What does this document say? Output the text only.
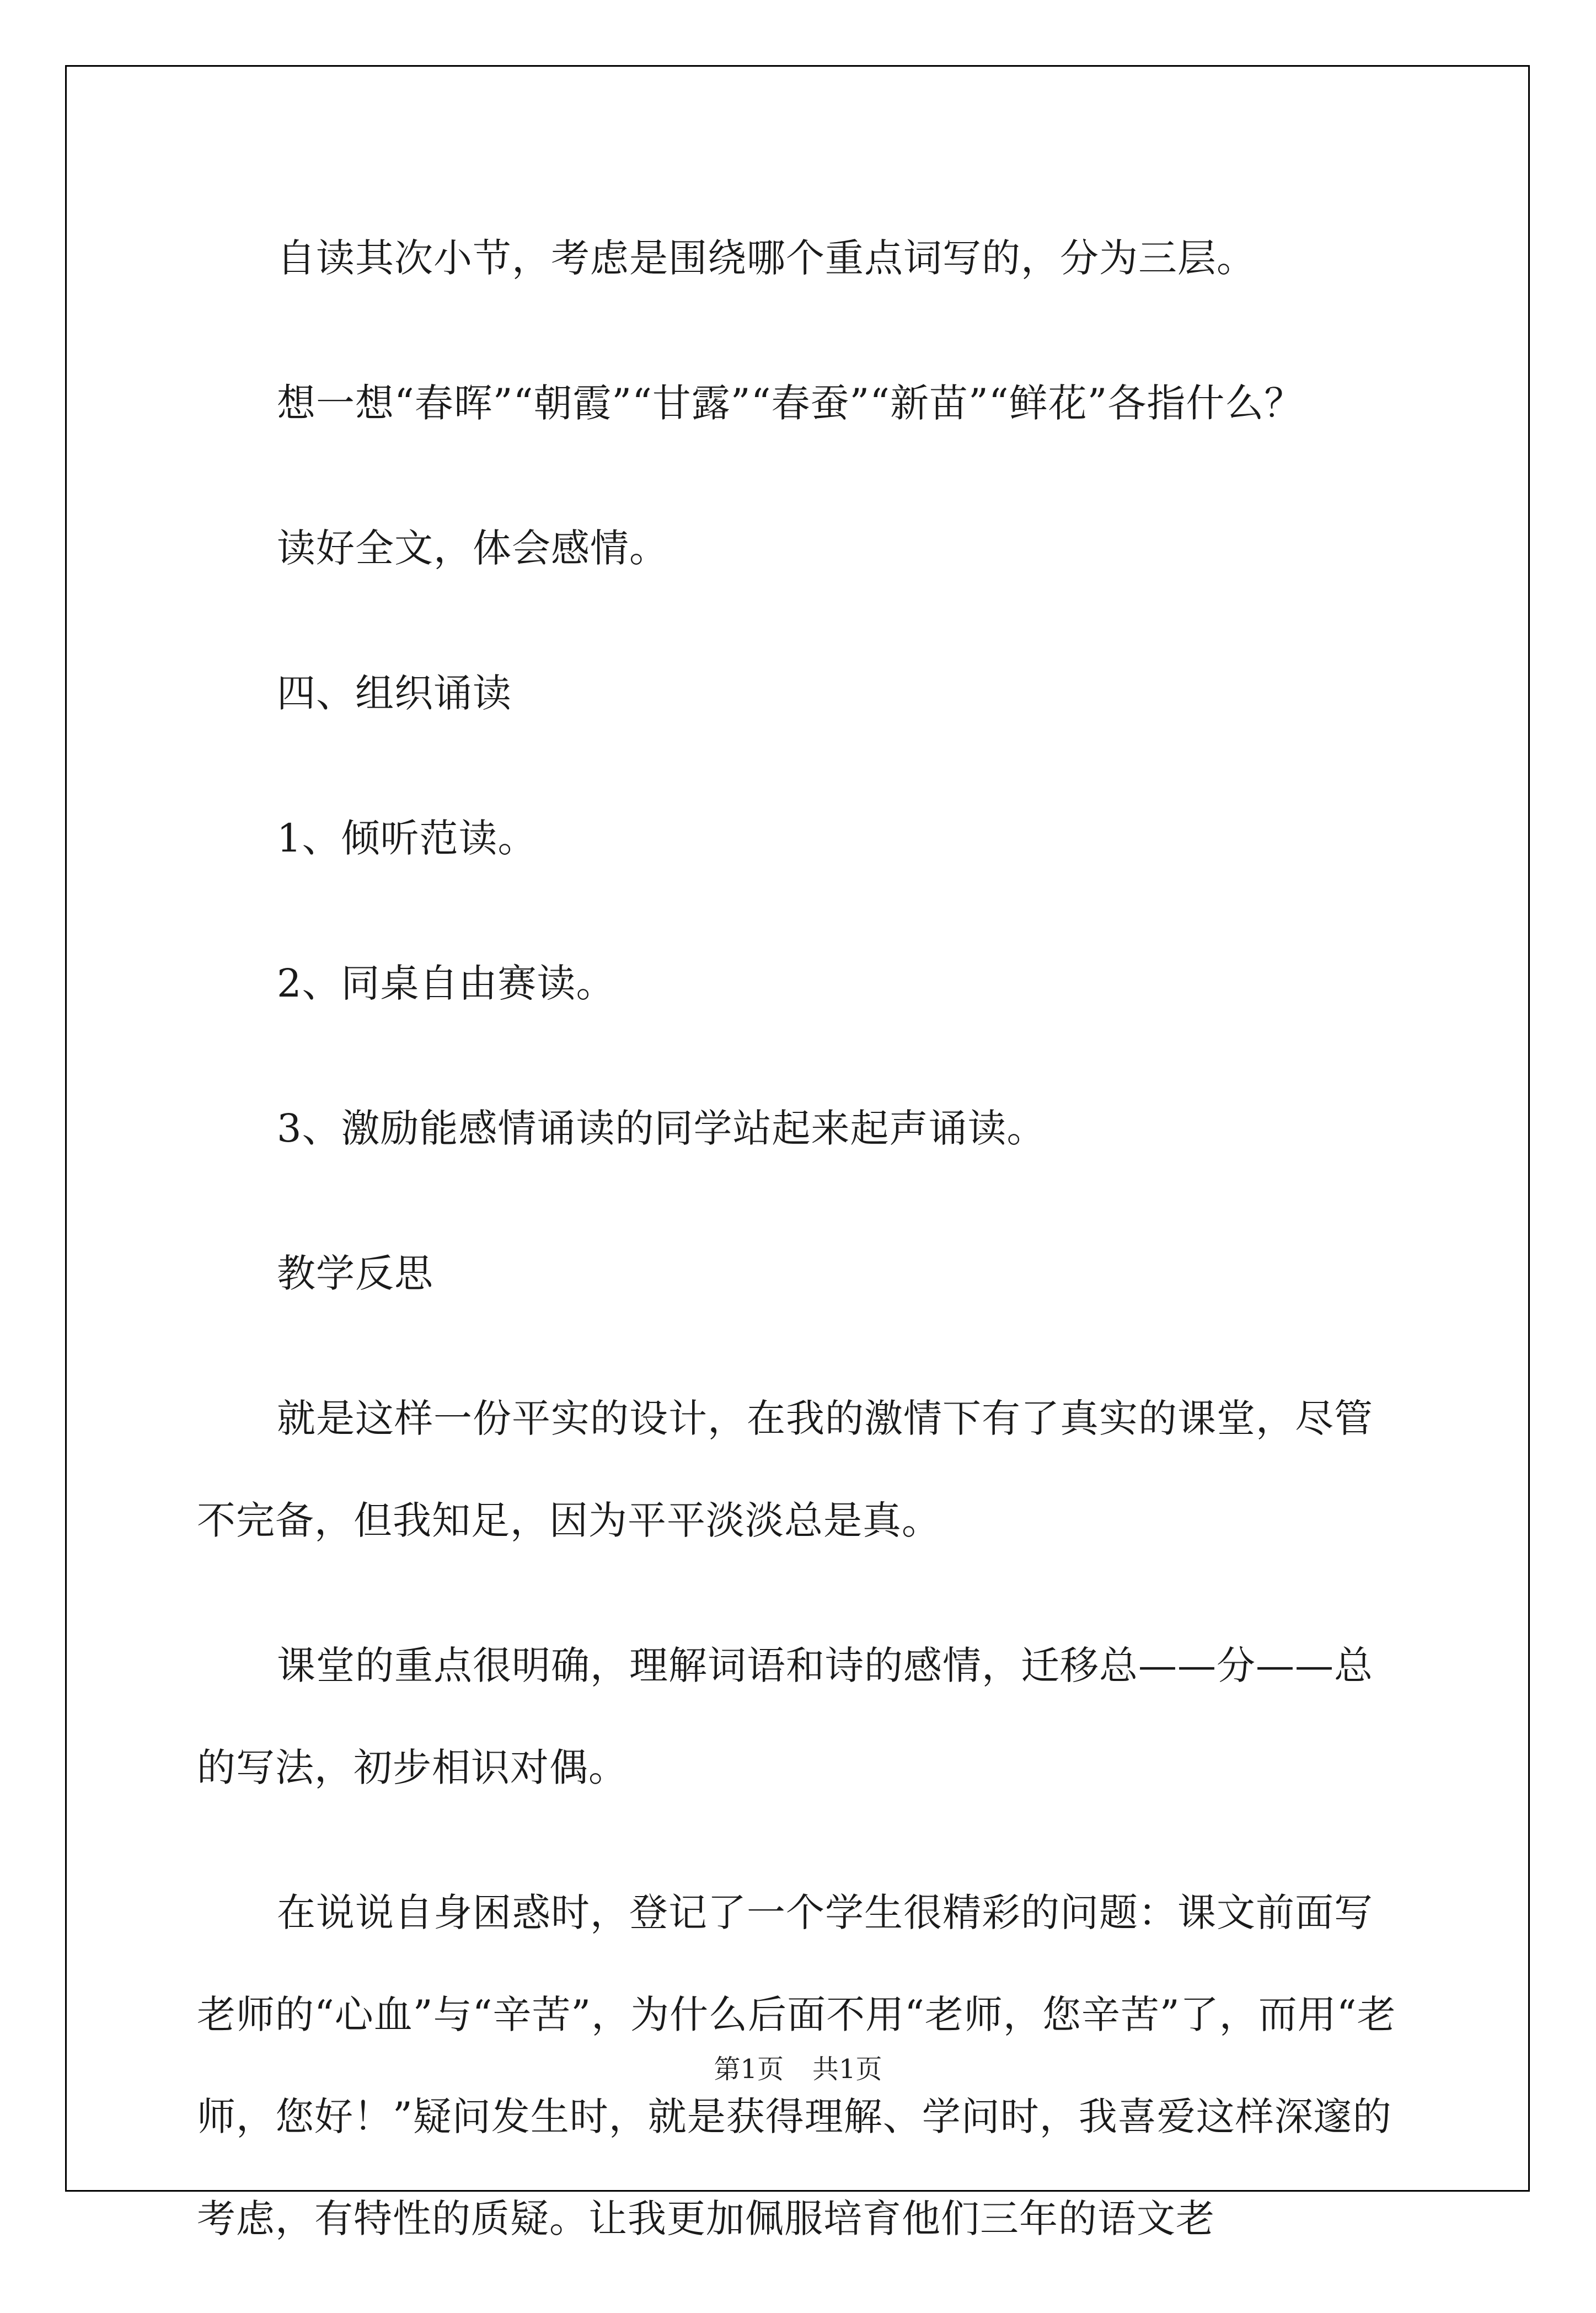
自读其次小节，考虑是围绕哪个重点词写的，分为三层。

想一想“春晖”“朝霞”“甘露”“春蚕”“新苗”“鲜花”各指什么？

读好全文，体会感情。

四、组织诵读

1、倾听范读。

2、同桌自由赛读。

3、激励能感情诵读的同学站起来起声诵读。

教学反思

就是这样一份平实的设计，在我的激情下有了真实的课堂，尽管不完备，但我知足，因为平平淡淡总是真。

课堂的重点很明确，理解词语和诗的感情，迁移总——分——总的写法，初步相识对偶。

在说说自身困惑时，登记了一个学生很精彩的问题：课文前面写老师的“心血”与“辛苦”，为什么后面不用“老师，您辛苦”了，而用“老师，您好！”疑问发生时，就是获得理解、学问时，我喜爱这样深邃的考虑，有特性的质疑。让我更加佩服培育他们三年的语文老

第1页 共1页
